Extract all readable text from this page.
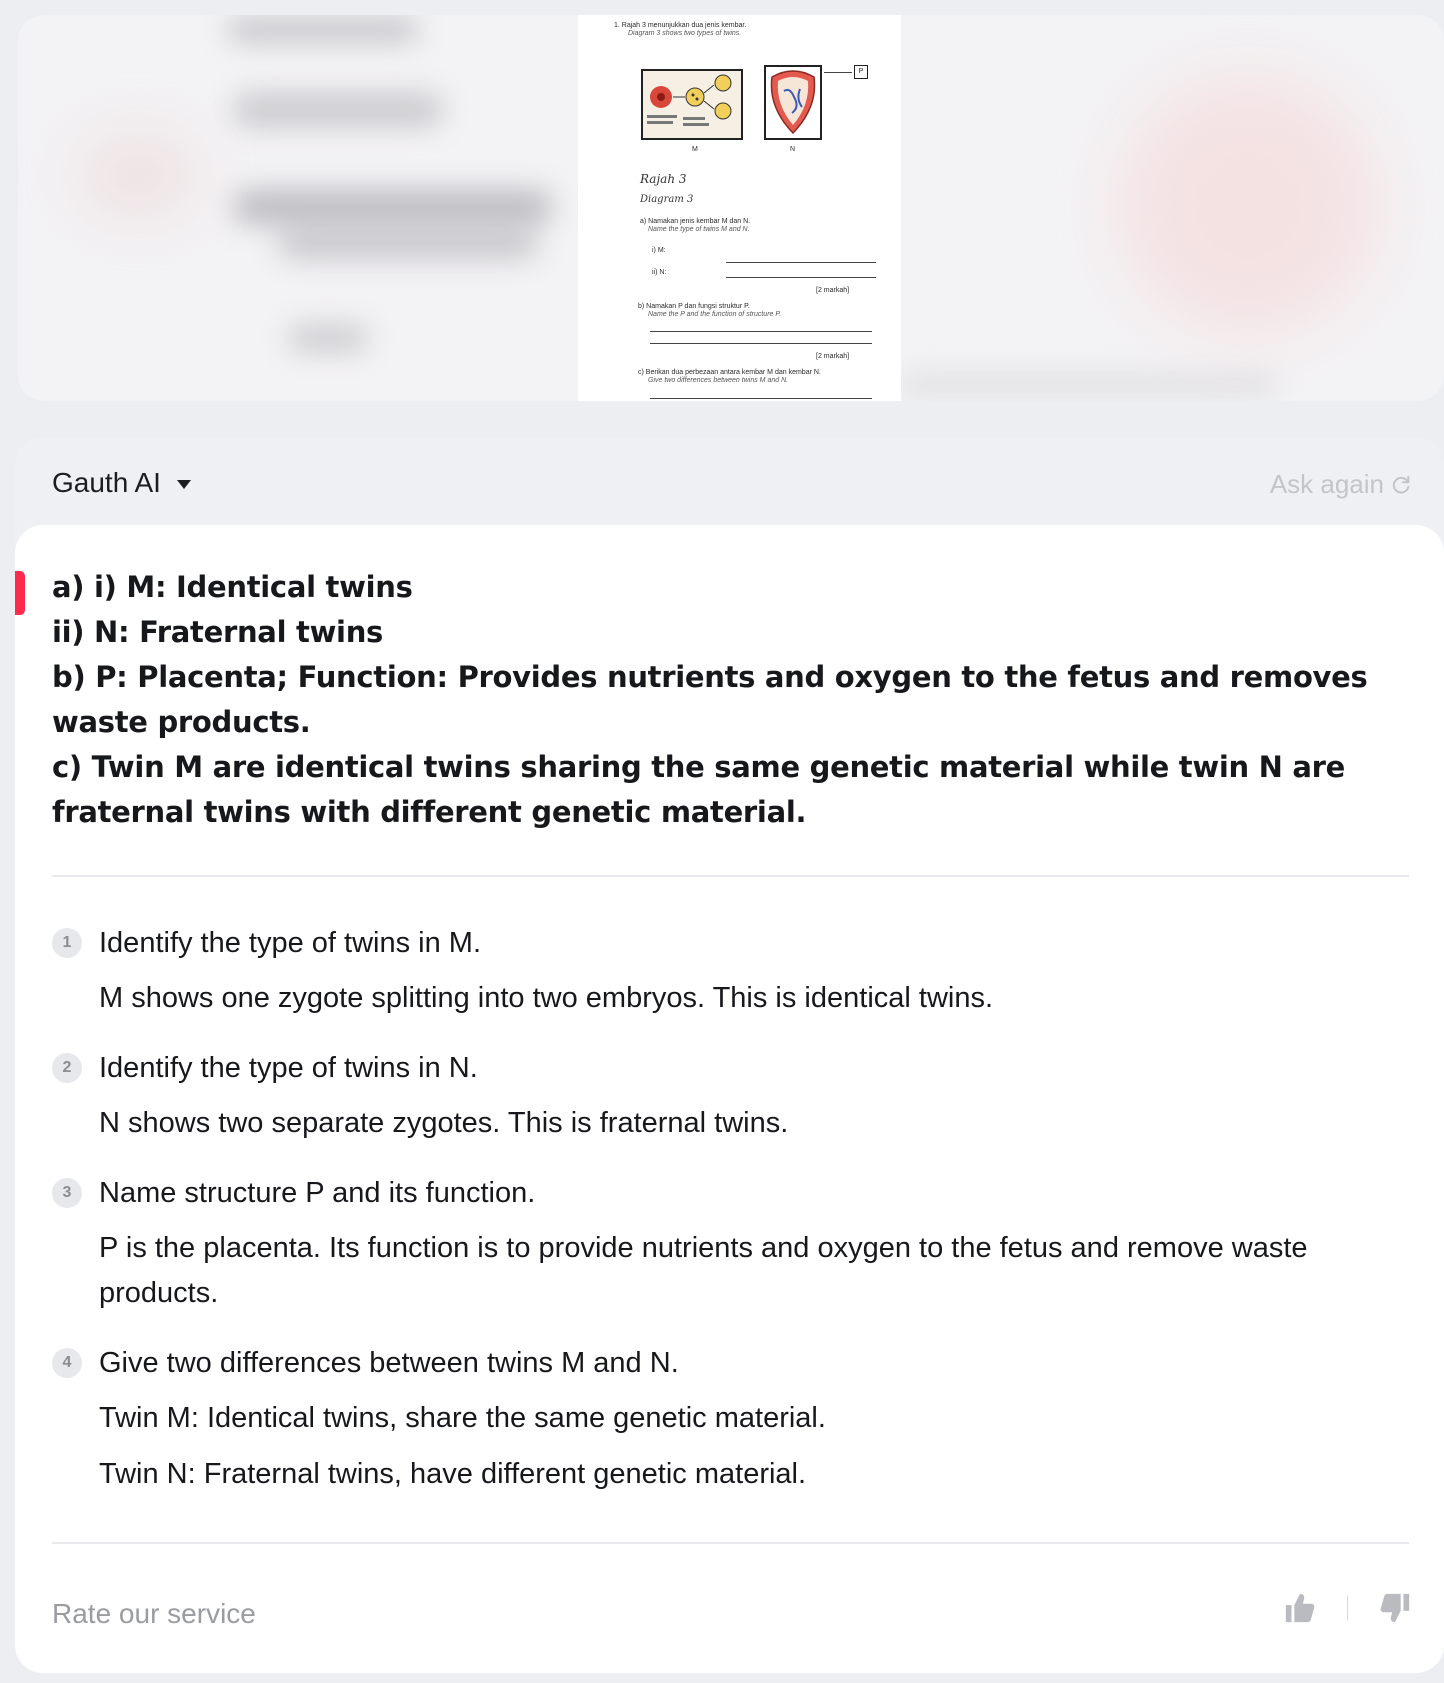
1. Rajah 3 menunjukkan dua jenis kembar.
Diagram 3 shows two types of twins.
P
M	N
Rajah 3
Diagram 3
a) Namakan jenis kembar M dan N.
Name the type of twins M and N.
i) M:
ii) N:
[2 markah]
b) Namakan P dan fungsi struktur P.
Name the P and the function of structure P.
[2 markah]
c) Berikan dua perbezaan antara kembar M dan kembar N.
Give two differences between twins M and N.
Gauth AI	Ask again

a) i) M: Identical twins

ii) N: Fraternal twins

b) P: Placenta; Function: Provides nutrients and oxygen to the fetus and removes waste products.

c) Twin M are identical twins sharing the same genetic material while twin N are fraternal twins with different genetic material.

1 Identify the type of twins in M.

M shows one zygote splitting into two embryos. This is identical twins.

2 Identify the type of twins in N.

N shows two separate zygotes. This is fraternal twins.

3 Name structure P and its function.

P is the placenta. Its function is to provide nutrients and oxygen to the fetus and remove waste products.

4 Give two differences between twins M and N.

Twin M: Identical twins, share the same genetic material.

Twin N: Fraternal twins, have different genetic material.

Rate our service
